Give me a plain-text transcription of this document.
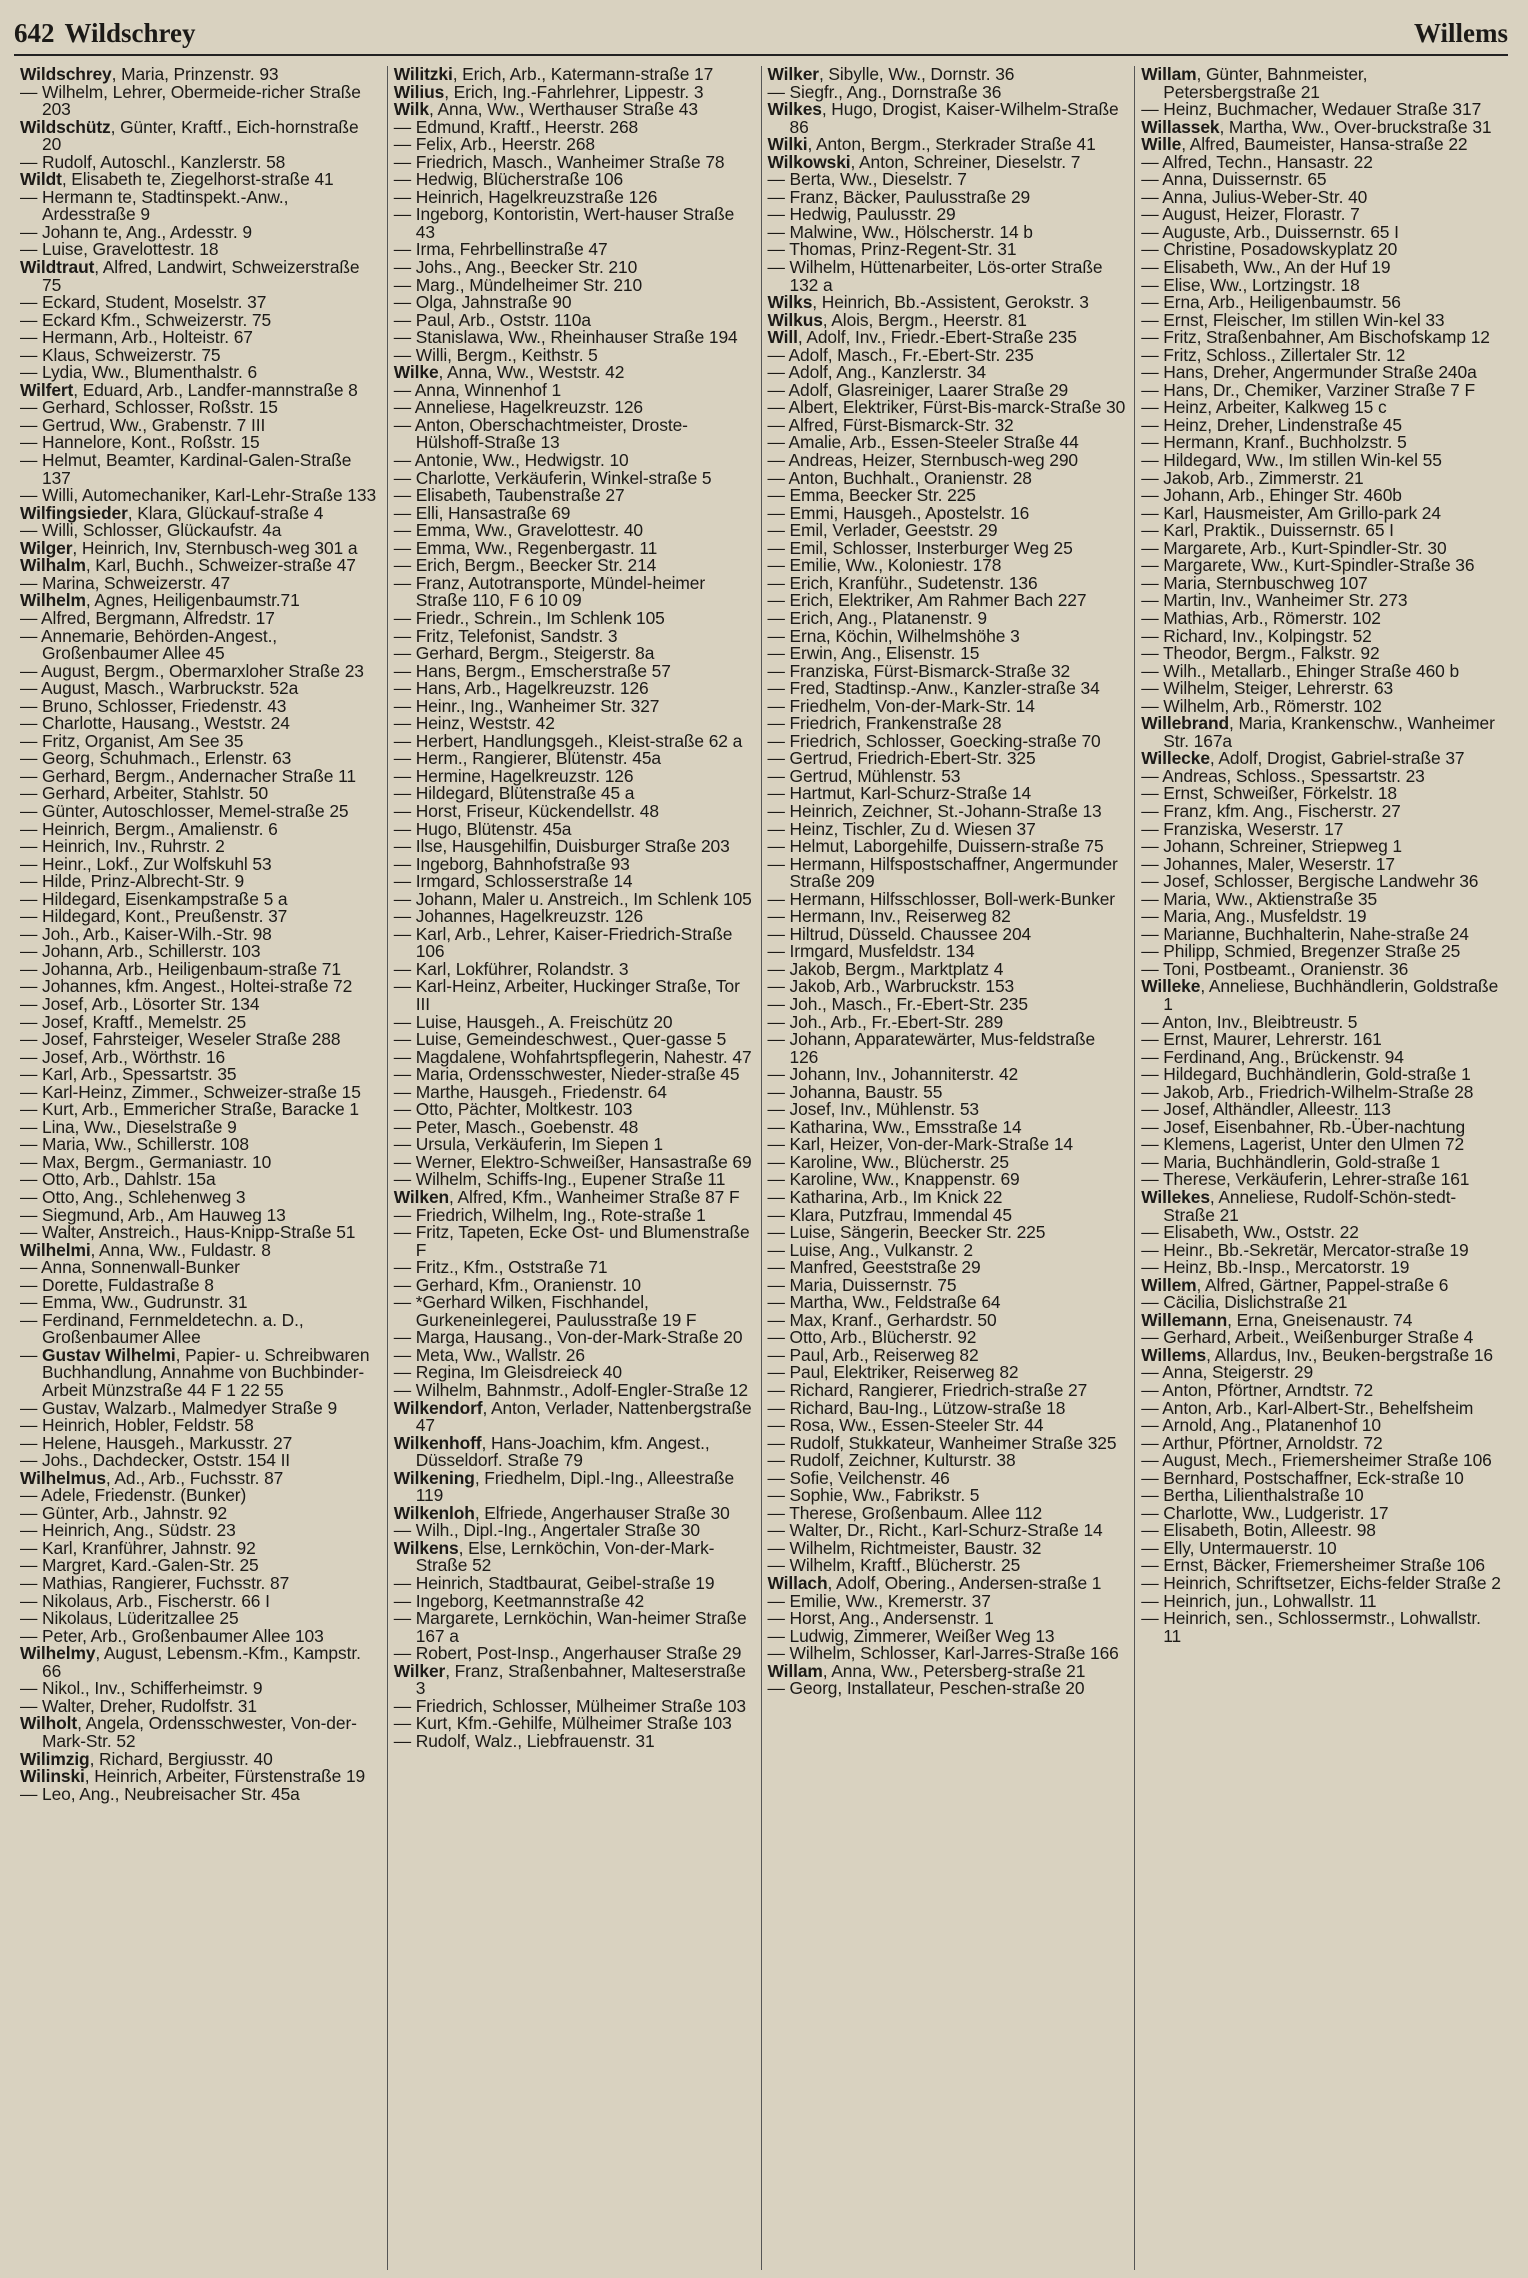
642 Wildschrey	Willems
Wildschrey, Maria, Prinzenstr. 93
— Wilhelm, Lehrer, Obermeide-richer Straße 203
Wildschütz, Günter, Kraftf., Eich-hornstraße 20
— Rudolf, Autoschl., Kanzlerstr. 58
Wildt, Elisabeth te, Ziegelhorst-straße 41
— Hermann te, Stadtinspekt.-Anw., Ardesstraße 9
— Johann te, Ang., Ardesstr. 9
— Luise, Gravelottestr. 18
Wildtraut, Alfred, Landwirt, Schweizerstraße 75
— Eckard, Student, Moselstr. 37
— Eckard Kfm., Schweizerstr. 75
— Hermann, Arb., Holteistr. 67
— Klaus, Schweizerstr. 75
— Lydia, Ww., Blumenthalstr. 6
Wilfert, Eduard, Arb., Landfer-mannstraße 8
— Gerhard, Schlosser, Roßstr. 15
— Gertrud, Ww., Grabenstr. 7 III
— Hannelore, Kont., Roßstr. 15
— Helmut, Beamter, Kardinal-Galen-Straße 137
— Willi, Automechaniker, Karl-Lehr-Straße 133
Wilfingsieder, Klara, Glückauf-straße 4
— Willi, Schlosser, Glückaufstr. 4a
Wilger, Heinrich, Inv, Sternbusch-weg 301 a
Wilhalm, Karl, Buchh., Schweizer-straße 47
— Marina, Schweizerstr. 47
Wilhelm, Agnes, Heiligenbaumstr.71
— Alfred, Bergmann, Alfredstr. 17
— Annemarie, Behörden-Angest., Großenbaumer Allee 45
— August, Bergm., Obermarxloher Straße 23
— August, Masch., Warbruckstr. 52a
— Bruno, Schlosser, Friedenstr. 43
— Charlotte, Hausang., Weststr. 24
— Fritz, Organist, Am See 35
— Georg, Schuhmach., Erlenstr. 63
— Gerhard, Bergm., Andernacher Straße 11
— Gerhard, Arbeiter, Stahlstr. 50
— Günter, Autoschlosser, Memel-straße 25
— Heinrich, Bergm., Amalienstr. 6
— Heinrich, Inv., Ruhrstr. 2
— Heinr., Lokf., Zur Wolfskuhl 53
— Hilde, Prinz-Albrecht-Str. 9
— Hildegard, Eisenkampstraße 5 a
— Hildegard, Kont., Preußenstr. 37
— Joh., Arb., Kaiser-Wilh.-Str. 98
— Johann, Arb., Schillerstr. 103
— Johanna, Arb., Heiligenbaum-straße 71
— Johannes, kfm. Angest., Holtei-straße 72
— Josef, Arb., Lösorter Str. 134
— Josef, Kraftf., Memelstr. 25
— Josef, Fahrsteiger, Weseler Straße 288
— Josef, Arb., Wörthstr. 16
— Karl, Arb., Spessartstr. 35
— Karl-Heinz, Zimmer., Schweizer-straße 15
— Kurt, Arb., Emmericher Straße, Baracke 1
— Lina, Ww., Dieselstraße 9
— Maria, Ww., Schillerstr. 108
— Max, Bergm., Germaniastr. 10
— Otto, Arb., Dahlstr. 15a
— Otto, Ang., Schlehenweg 3
— Siegmund, Arb., Am Hauweg 13
— Walter, Anstreich., Haus-Knipp-Straße 51
Wilhelmi, Anna, Ww., Fuldastr. 8
— Anna, Sonnenwall-Bunker
— Dorette, Fuldastraße 8
— Emma, Ww., Gudrunstr. 31
— Ferdinand, Fernmeldetechn. a. D., Großenbaumer Allee
— Gustav Wilhelmi, Papier- u. Schreibwaren Buchhandlung, Annahme von Buchbinder-Arbeit Münzstraße 44 F 1 22 55
— Gustav, Walzarb., Malmedyer Straße 9
— Heinrich, Hobler, Feldstr. 58
— Helene, Hausgeh., Markusstr. 27
— Johs., Dachdecker, Oststr. 154 II
Wilhelmus, Ad., Arb., Fuchsstr. 87
— Adele, Friedenstr. (Bunker)
— Günter, Arb., Jahnstr. 92
— Heinrich, Ang., Südstr. 23
— Karl, Kranführer, Jahnstr. 92
— Margret, Kard.-Galen-Str. 25
— Mathias, Rangierer, Fuchsstr. 87
— Nikolaus, Arb., Fischerstr. 66 I
— Nikolaus, Lüderitzallee 25
— Peter, Arb., Großenbaumer Allee 103
Wilhelmy, August, Lebensm.-Kfm., Kampstr. 66
— Nikol., Inv., Schifferheimstr. 9
— Walter, Dreher, Rudolfstr. 31
Wilholt, Angela, Ordensschwester, Von-der-Mark-Str. 52
Wilimzig, Richard, Bergiusstr. 40
Wilinski, Heinrich, Arbeiter, Fürstenstraße 19
— Leo, Ang., Neubreisacher Str. 45a
Wilitzki, Erich, Arb., Katermann-straße 17
Wilius, Erich, Ing.-Fahrlehrer, Lippestr. 3
Wilk, Anna, Ww., Werthauser Straße 43
— Edmund, Kraftf., Heerstr. 268
— Felix, Arb., Heerstr. 268
— Friedrich, Masch., Wanheimer Straße 78
— Hedwig, Blücherstraße 106
— Heinrich, Hagelkreuzstraße 126
— Ingeborg, Kontoristin, Wert-hauser Straße 43
— Irma, Fehrbellinstraße 47
— Johs., Ang., Beecker Str. 210
— Marg., Mündelheimer Str. 210
— Olga, Jahnstraße 90
— Paul, Arb., Oststr. 110a
— Stanislawa, Ww., Rheinhauser Straße 194
— Willi, Bergm., Keithstr. 5
Wilke, Anna, Ww., Weststr. 42
— Anna, Winnenhof 1
— Anneliese, Hagelkreuzstr. 126
— Anton, Oberschachtmeister, Droste-Hülshoff-Straße 13
— Antonie, Ww., Hedwigstr. 10
— Charlotte, Verkäuferin, Winkel-straße 5
— Elisabeth, Taubenstraße 27
— Elli, Hansastraße 69
— Emma, Ww., Gravelottestr. 40
— Emma, Ww., Regenbergastr. 11
— Erich, Bergm., Beecker Str. 214
— Franz, Autotransporte, Mündel-heimer Straße 110, F 6 10 09
— Friedr., Schrein., Im Schlenk 105
— Fritz, Telefonist, Sandstr. 3
— Gerhard, Bergm., Steigerstr. 8a
— Hans, Bergm., Emscherstraße 57
— Hans, Arb., Hagelkreuzstr. 126
— Heinr., Ing., Wanheimer Str. 327
— Heinz, Weststr. 42
— Herbert, Handlungsgeh., Kleist-straße 62 a
— Herm., Rangierer, Blütenstr. 45a
— Hermine, Hagelkreuzstr. 126
— Hildegard, Blütenstraße 45 a
— Horst, Friseur, Kückendellstr. 48
— Hugo, Blütenstr. 45a
— Ilse, Hausgehilfin, Duisburger Straße 203
— Ingeborg, Bahnhofstraße 93
— Irmgard, Schlosserstraße 14
— Johann, Maler u. Anstreich., Im Schlenk 105
— Johannes, Hagelkreuzstr. 126
— Karl, Arb., Lehrer, Kaiser-Friedrich-Straße 106
— Karl, Lokführer, Rolandstr. 3
— Karl-Heinz, Arbeiter, Huckinger Straße, Tor III
— Luise, Hausgeh., A. Freischütz 20
— Luise, Gemeindeschwest., Quer-gasse 5
— Magdalene, Wohfahrtspflegerin, Nahestr. 47
— Maria, Ordensschwester, Nieder-straße 45
— Marthe, Hausgeh., Friedenstr. 64
— Otto, Pächter, Moltkestr. 103
— Peter, Masch., Goebenstr. 48
— Ursula, Verkäuferin, Im Siepen 1
— Werner, Elektro-Schweißer, Hansastraße 69
— Wilhelm, Schiffs-Ing., Eupener Straße 11
Wilken, Alfred, Kfm., Wanheimer Straße 87 F
— Friedrich, Wilhelm, Ing., Rote-straße 1
— Fritz, Tapeten, Ecke Ost- und Blumenstraße F
— Fritz., Kfm., Oststraße 71
— Gerhard, Kfm., Oranienstr. 10
— *Gerhard Wilken, Fischhandel, Gurkeneinlegerei, Paulusstraße 19 F
— Marga, Hausang., Von-der-Mark-Straße 20
— Meta, Ww., Wallstr. 26
— Regina, Im Gleisdreieck 40
— Wilhelm, Bahnmstr., Adolf-Engler-Straße 12
Wilkendorf, Anton, Verlader, Nattenbergstraße 47
Wilkenhoff, Hans-Joachim, kfm. Angest., Düsseldorf. Straße 79
Wilkening, Friedhelm, Dipl.-Ing., Alleestraße 119
Wilkenloh, Elfriede, Angerhauser Straße 30
— Wilh., Dipl.-Ing., Angertaler Straße 30
Wilkens, Else, Lernköchin, Von-der-Mark-Straße 52
— Heinrich, Stadtbaurat, Geibel-straße 19
— Ingeborg, Keetmannstraße 42
— Margarete, Lernköchin, Wan-heimer Straße 167 a
— Robert, Post-Insp., Angerhauser Straße 29
Wilker, Franz, Straßenbahner, Malteserstraße 3
— Friedrich, Schlosser, Mülheimer Straße 103
— Kurt, Kfm.-Gehilfe, Mülheimer Straße 103
— Rudolf, Walz., Liebfrauenstr. 31
Wilker, Sibylle, Ww., Dornstr. 36
— Siegfr., Ang., Dornstraße 36
Wilkes, Hugo, Drogist, Kaiser-Wilhelm-Straße 86
Wilki, Anton, Bergm., Sterkrader Straße 41
Wilkowski, Anton, Schreiner, Dieselstr. 7
— Berta, Ww., Dieselstr. 7
— Franz, Bäcker, Paulusstraße 29
— Hedwig, Paulusstr. 29
— Malwine, Ww., Hölscherstr. 14 b
— Thomas, Prinz-Regent-Str. 31
— Wilhelm, Hüttenarbeiter, Lös-orter Straße 132 a
Wilks, Heinrich, Bb.-Assistent, Gerokstr. 3
Wilkus, Alois, Bergm., Heerstr. 81
Will, Adolf, Inv., Friedr.-Ebert-Straße 235
— Adolf, Masch., Fr.-Ebert-Str. 235
— Adolf, Ang., Kanzlerstr. 34
— Adolf, Glasreiniger, Laarer Straße 29
— Albert, Elektriker, Fürst-Bis-marck-Straße 30
— Alfred, Fürst-Bismarck-Str. 32
— Amalie, Arb., Essen-Steeler Straße 44
— Andreas, Heizer, Sternbusch-weg 290
— Anton, Buchhalt., Oranienstr. 28
— Emma, Beecker Str. 225
— Emmi, Hausgeh., Apostelstr. 16
— Emil, Verlader, Geeststr. 29
— Emil, Schlosser, Insterburger Weg 25
— Emilie, Ww., Koloniestr. 178
— Erich, Kranführ., Sudetenstr. 136
— Erich, Elektriker, Am Rahmer Bach 227
— Erich, Ang., Platanenstr. 9
— Erna, Köchin, Wilhelmshöhe 3
— Erwin, Ang., Elisenstr. 15
— Franziska, Fürst-Bismarck-Straße 32
— Fred, Stadtinsp.-Anw., Kanzler-straße 34
— Friedhelm, Von-der-Mark-Str. 14
— Friedrich, Frankenstraße 28
— Friedrich, Schlosser, Goecking-straße 70
— Gertrud, Friedrich-Ebert-Str. 325
— Gertrud, Mühlenstr. 53
— Hartmut, Karl-Schurz-Straße 14
— Heinrich, Zeichner, St.-Johann-Straße 13
— Heinz, Tischler, Zu d. Wiesen 37
— Helmut, Laborgehilfe, Duissern-straße 75
— Hermann, Hilfspostschaffner, Angermunder Straße 209
— Hermann, Hilfsschlosser, Boll-werk-Bunker
— Hermann, Inv., Reiserweg 82
— Hiltrud, Düsseld. Chaussee 204
— Irmgard, Musfeldstr. 134
— Jakob, Bergm., Marktplatz 4
— Jakob, Arb., Warbruckstr. 153
— Joh., Masch., Fr.-Ebert-Str. 235
— Joh., Arb., Fr.-Ebert-Str. 289
— Johann, Apparatewärter, Mus-feldstraße 126
— Johann, Inv., Johanniterstr. 42
— Johanna, Baustr. 55
— Josef, Inv., Mühlenstr. 53
— Katharina, Ww., Emsstraße 14
— Karl, Heizer, Von-der-Mark-Straße 14
— Karoline, Ww., Blücherstr. 25
— Karoline, Ww., Knappenstr. 69
— Katharina, Arb., Im Knick 22
— Klara, Putzfrau, Immendal 45
— Luise, Sängerin, Beecker Str. 225
— Luise, Ang., Vulkanstr. 2
— Manfred, Geeststraße 29
— Maria, Duissernstr. 75
— Martha, Ww., Feldstraße 64
— Max, Kranf., Gerhardstr. 50
— Otto, Arb., Blücherstr. 92
— Paul, Arb., Reiserweg 82
— Paul, Elektriker, Reiserweg 82
— Richard, Rangierer, Friedrich-straße 27
— Richard, Bau-Ing., Lützow-straße 18
— Rosa, Ww., Essen-Steeler Str. 44
— Rudolf, Stukkateur, Wanheimer Straße 325
— Rudolf, Zeichner, Kulturstr. 38
— Sofie, Veilchenstr. 46
— Sophie, Ww., Fabrikstr. 5
— Therese, Großenbaum. Allee 112
— Walter, Dr., Richt., Karl-Schurz-Straße 14
— Wilhelm, Richtmeister, Baustr. 32
— Wilhelm, Kraftf., Blücherstr. 25
Willach, Adolf, Obering., Andersen-straße 1
— Emilie, Ww., Kremerstr. 37
— Horst, Ang., Andersenstr. 1
— Ludwig, Zimmerer, Weißer Weg 13
— Wilhelm, Schlosser, Karl-Jarres-Straße 166
Willam, Anna, Ww., Petersberg-straße 21
— Georg, Installateur, Peschen-straße 20
Willam, Günter, Bahnmeister, Petersbergstraße 21
— Heinz, Buchmacher, Wedauer Straße 317
Willassek, Martha, Ww., Over-bruckstraße 31
Wille, Alfred, Baumeister, Hansa-straße 22
— Alfred, Techn., Hansastr. 22
— Anna, Duissernstr. 65
— Anna, Julius-Weber-Str. 40
— August, Heizer, Florastr. 7
— Auguste, Arb., Duissernstr. 65 I
— Christine, Posadowskyplatz 20
— Elisabeth, Ww., An der Huf 19
— Elise, Ww., Lortzingstr. 18
— Erna, Arb., Heiligenbaumstr. 56
— Ernst, Fleischer, Im stillen Win-kel 33
— Fritz, Straßenbahner, Am Bischofskamp 12
— Fritz, Schloss., Zillertaler Str. 12
— Hans, Dreher, Angermunder Straße 240a
— Hans, Dr., Chemiker, Varziner Straße 7 F
— Heinz, Arbeiter, Kalkweg 15 c
— Heinz, Dreher, Lindenstraße 45
— Hermann, Kranf., Buchholzstr. 5
— Hildegard, Ww., Im stillen Win-kel 55
— Jakob, Arb., Zimmerstr. 21
— Johann, Arb., Ehinger Str. 460b
— Karl, Hausmeister, Am Grillo-park 24
— Karl, Praktik., Duissernstr. 65 I
— Margarete, Arb., Kurt-Spindler-Str. 30
— Margarete, Ww., Kurt-Spindler-Straße 36
— Maria, Sternbuschweg 107
— Martin, Inv., Wanheimer Str. 273
— Mathias, Arb., Römerstr. 102
— Richard, Inv., Kolpingstr. 52
— Theodor, Bergm., Falkstr. 92
— Wilh., Metallarb., Ehinger Straße 460 b
— Wilhelm, Steiger, Lehrerstr. 63
— Wilhelm, Arb., Römerstr. 102
Willebrand, Maria, Krankenschw., Wanheimer Str. 167a
Willecke, Adolf, Drogist, Gabriel-straße 37
— Andreas, Schloss., Spessartstr. 23
— Ernst, Schweißer, Förkelstr. 18
— Franz, kfm. Ang., Fischerstr. 27
— Franziska, Weserstr. 17
— Johann, Schreiner, Striepweg 1
— Johannes, Maler, Weserstr. 17
— Josef, Schlosser, Bergische Landwehr 36
— Maria, Ww., Aktienstraße 35
— Maria, Ang., Musfeldstr. 19
— Marianne, Buchhalterin, Nahe-straße 24
— Philipp, Schmied, Bregenzer Straße 25
— Toni, Postbeamt., Oranienstr. 36
Willeke, Anneliese, Buchhändlerin, Goldstraße 1
— Anton, Inv., Bleibtreustr. 5
— Ernst, Maurer, Lehrerstr. 161
— Ferdinand, Ang., Brückenstr. 94
— Hildegard, Buchhändlerin, Gold-straße 1
— Jakob, Arb., Friedrich-Wilhelm-Straße 28
— Josef, Althändler, Alleestr. 113
— Josef, Eisenbahner, Rb.-Über-nachtung
— Klemens, Lagerist, Unter den Ulmen 72
— Maria, Buchhändlerin, Gold-straße 1
— Therese, Verkäuferin, Lehrer-straße 161
Willekes, Anneliese, Rudolf-Schön-stedt-Straße 21
— Elisabeth, Ww., Oststr. 22
— Heinr., Bb.-Sekretär, Mercator-straße 19
— Heinz, Bb.-Insp., Mercatorstr. 19
Willem, Alfred, Gärtner, Pappel-straße 6
— Cäcilia, Dislichstraße 21
Willemann, Erna, Gneisenaustr. 74
— Gerhard, Arbeit., Weißenburger Straße 4
Willems, Allardus, Inv., Beuken-bergstraße 16
— Anna, Steigerstr. 29
— Anton, Pförtner, Arndtstr. 72
— Anton, Arb., Karl-Albert-Str., Behelfsheim
— Arnold, Ang., Platanenhof 10
— Arthur, Pförtner, Arnoldstr. 72
— August, Mech., Friemersheimer Straße 106
— Bernhard, Postschaffner, Eck-straße 10
— Bertha, Lilienthalstraße 10
— Charlotte, Ww., Ludgeristr. 17
— Elisabeth, Botin, Alleestr. 98
— Elly, Untermauerstr. 10
— Ernst, Bäcker, Friemersheimer Straße 106
— Heinrich, Schriftsetzer, Eichs-felder Straße 2
— Heinrich, jun., Lohwallstr. 11
— Heinrich, sen., Schlossermstr., Lohwallstr. 11
